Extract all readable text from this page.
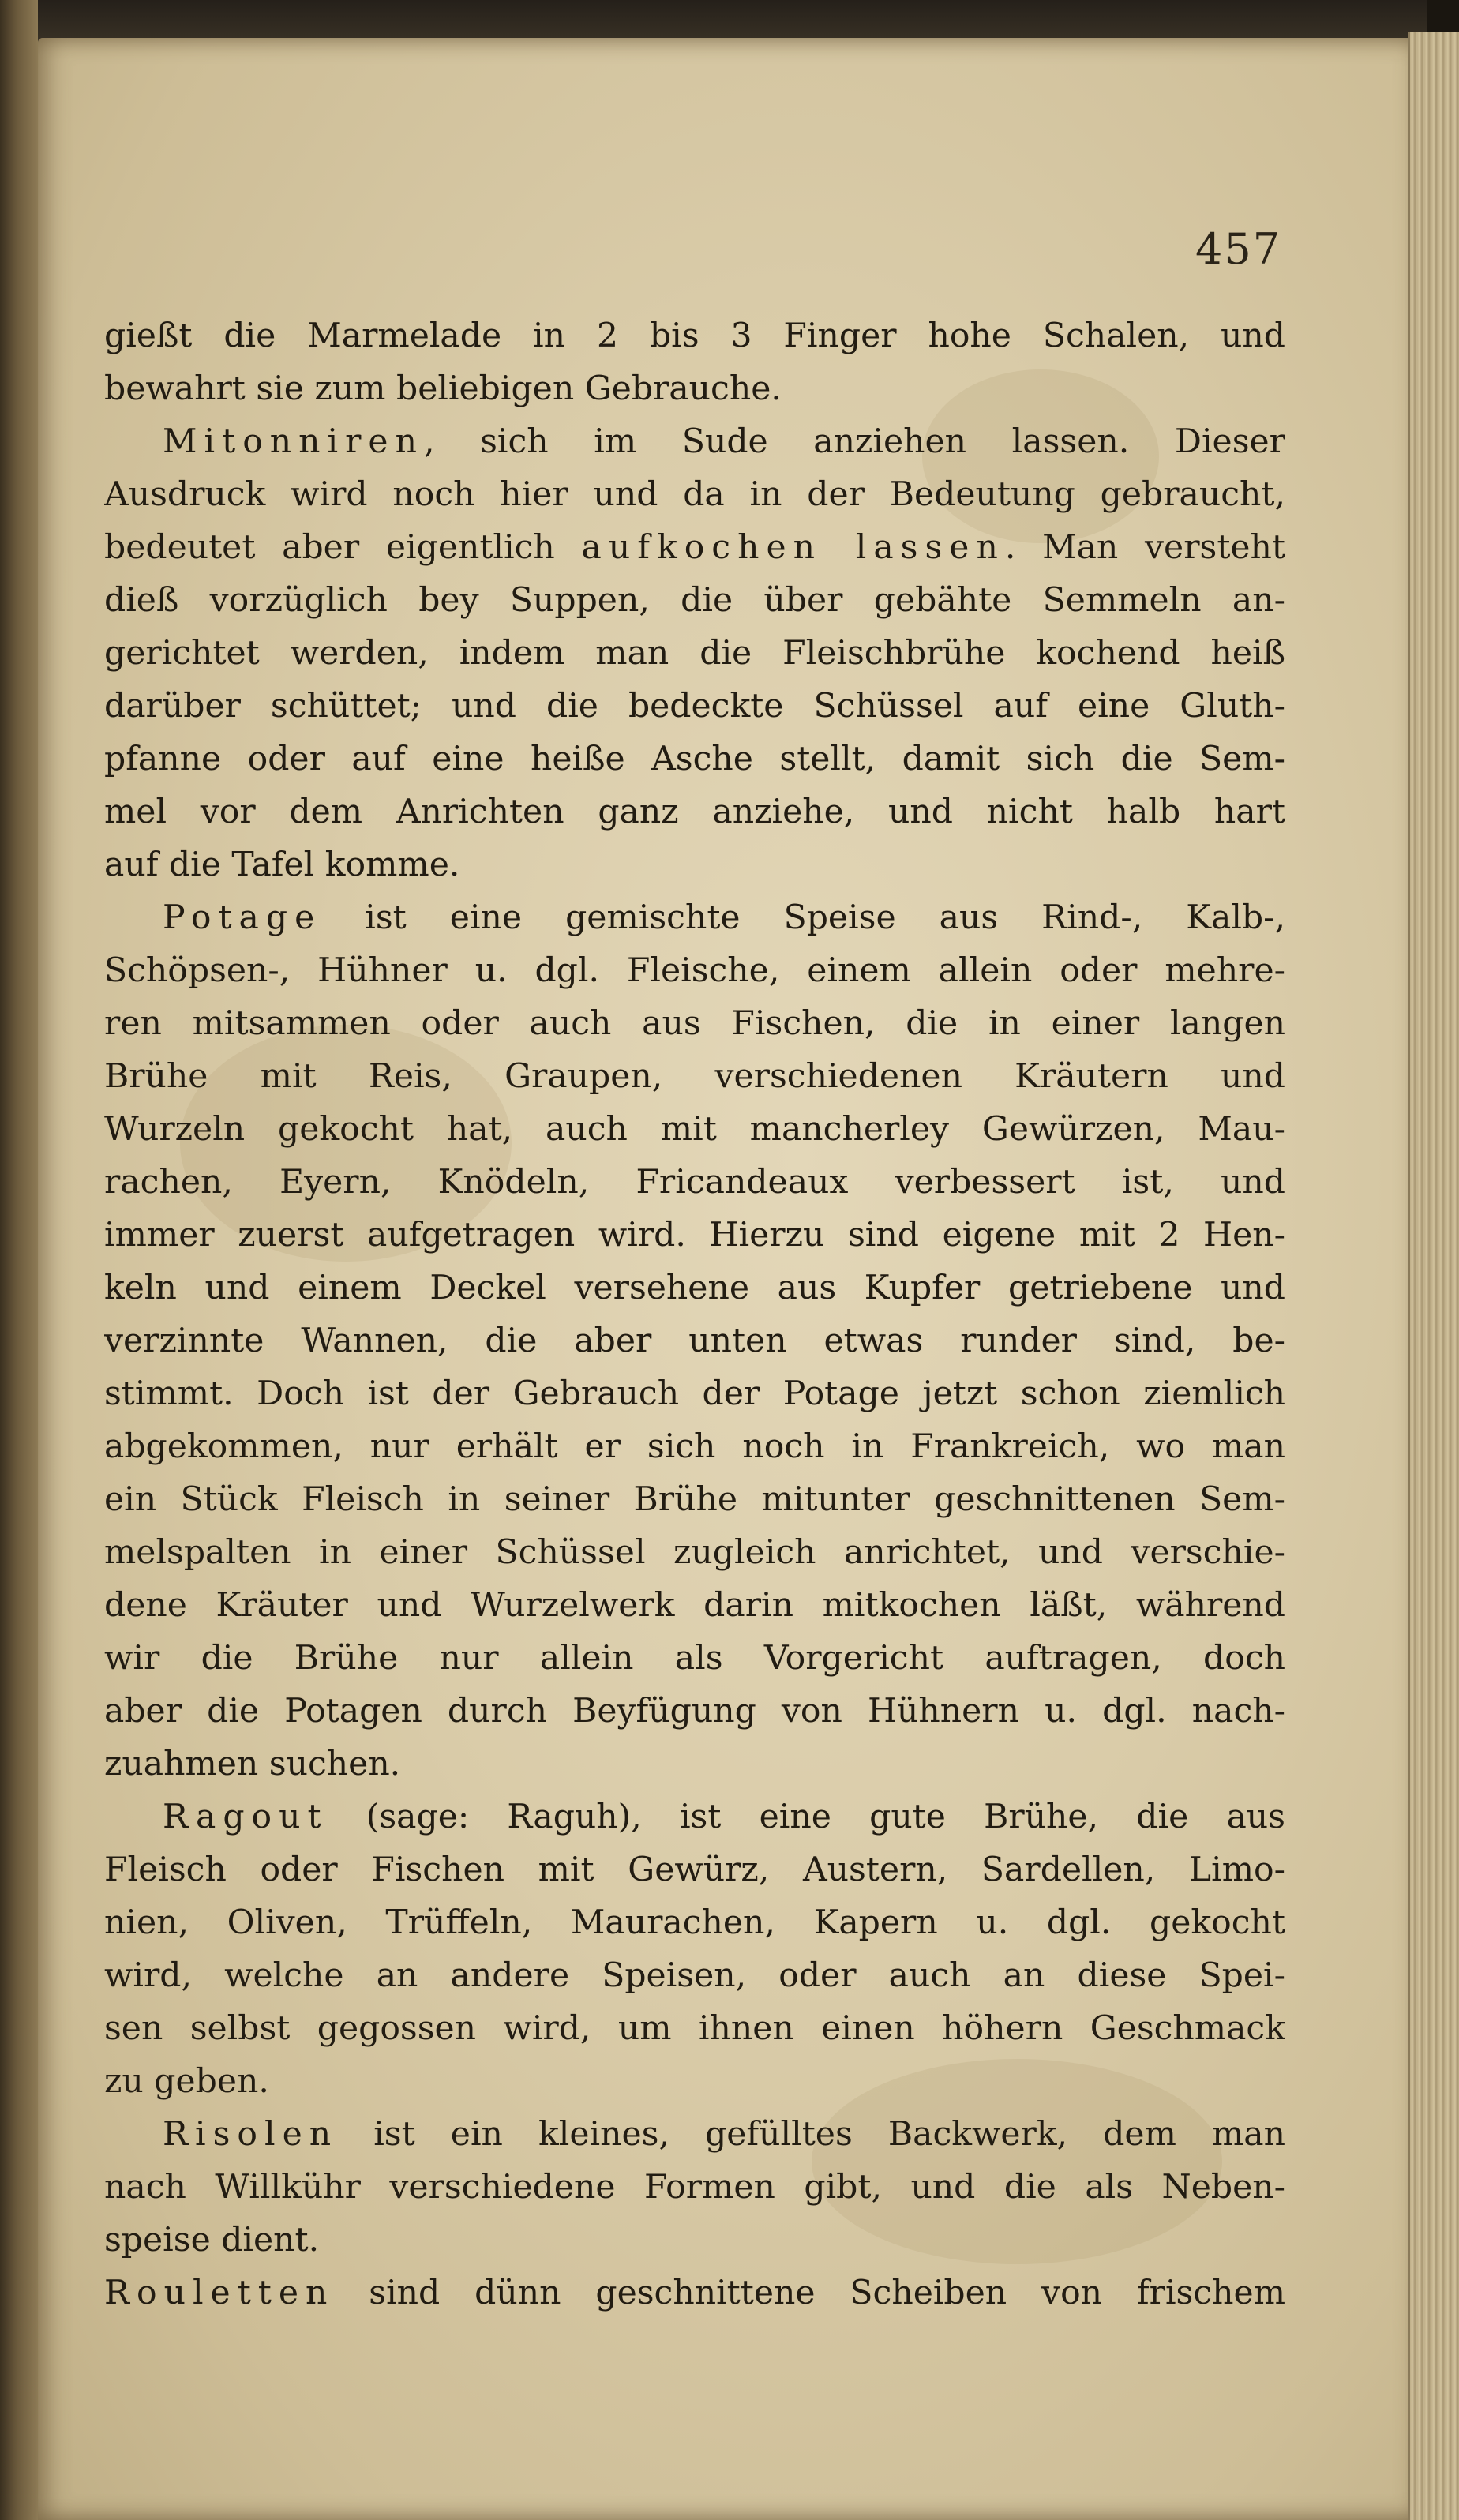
457
gießt die Marmelade in 2 bis 3 Finger hohe Schalen, und
bewahrt sie zum beliebigen Gebrauche.
Mitonniren, sich im Sude anziehen lassen. Dieser
Ausdruck wird noch hier und da in der Bedeutung gebraucht,
bedeutet aber eigentlich aufkochen lassen. Man versteht
dieß vorzüglich bey Suppen, die über gebähte Semmeln an-
gerichtet werden, indem man die Fleischbrühe kochend heiß
darüber schüttet; und die bedeckte Schüssel auf eine Gluth-
pfanne oder auf eine heiße Asche stellt, damit sich die Sem-
mel vor dem Anrichten ganz anziehe, und nicht halb hart
auf die Tafel komme.
Potage ist eine gemischte Speise aus Rind-, Kalb-,
Schöpsen-, Hühner u. dgl. Fleische, einem allein oder mehre-
ren mitsammen oder auch aus Fischen, die in einer langen
Brühe mit Reis, Graupen, verschiedenen Kräutern und
Wurzeln gekocht hat, auch mit mancherley Gewürzen, Mau-
rachen, Eyern, Knödeln, Fricandeaux verbessert ist, und
immer zuerst aufgetragen wird. Hierzu sind eigene mit 2 Hen-
keln und einem Deckel versehene aus Kupfer getriebene und
verzinnte Wannen, die aber unten etwas runder sind, be-
stimmt. Doch ist der Gebrauch der Potage jetzt schon ziemlich
abgekommen, nur erhält er sich noch in Frankreich, wo man
ein Stück Fleisch in seiner Brühe mitunter geschnittenen Sem-
melspalten in einer Schüssel zugleich anrichtet, und verschie-
dene Kräuter und Wurzelwerk darin mitkochen läßt, während
wir die Brühe nur allein als Vorgericht auftragen, doch
aber die Potagen durch Beyfügung von Hühnern u. dgl. nach-
zuahmen suchen.
Ragout (sage: Raguh), ist eine gute Brühe, die aus
Fleisch oder Fischen mit Gewürz, Austern, Sardellen, Limo-
nien, Oliven, Trüffeln, Maurachen, Kapern u. dgl. gekocht
wird, welche an andere Speisen, oder auch an diese Spei-
sen selbst gegossen wird, um ihnen einen höhern Geschmack
zu geben.
Risolen ist ein kleines, gefülltes Backwerk, dem man
nach Willkühr verschiedene Formen gibt, und die als Neben-
speise dient.
Rouletten sind dünn geschnittene Scheiben von frischem
